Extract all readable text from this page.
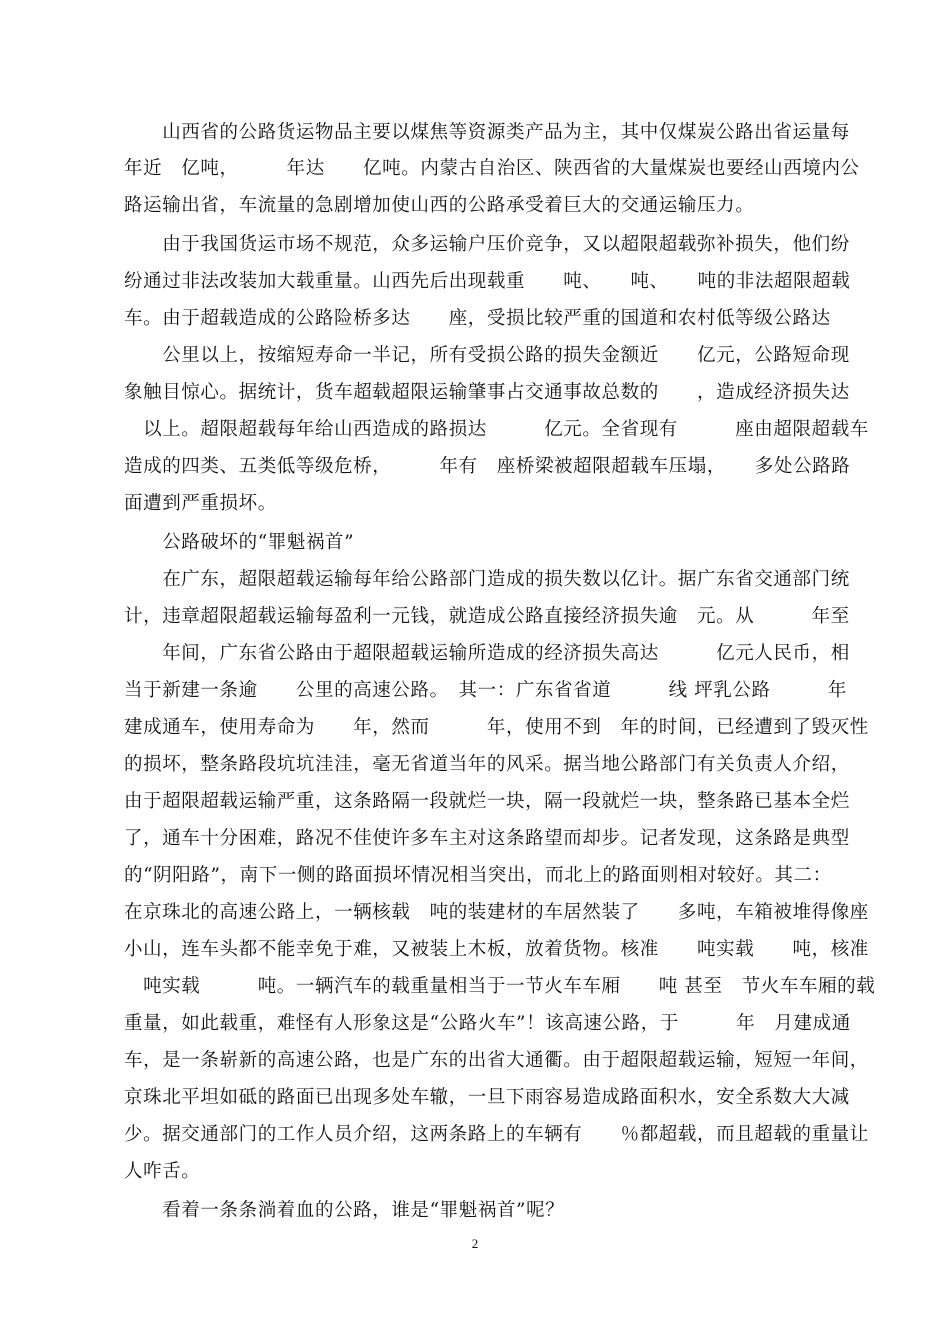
　　山西省的公路货运物品主要以煤焦等资源类产品为主，其中仅煤炭公路出省运量每
年近　亿吨，　　　年达　　亿吨。内蒙古自治区、陕西省的大量煤炭也要经山西境内公
路运输出省，车流量的急剧增加使山西的公路承受着巨大的交通运输压力。
　　由于我国货运市场不规范，众多运输户压价竞争，又以超限超载弥补损失，他们纷
纷通过非法改装加大载重量。山西先后出现载重　　吨、　　吨、　　吨的非法超限超载
车。由于超载造成的公路险桥多达　　座，受损比较严重的国道和农村低等级公路达
　　公里以上，按缩短寿命一半记，所有受损公路的损失金额近　　亿元，公路短命现
象触目惊心。据统计，货车超载超限运输肇事占交通事故总数的　　，造成经济损失达
　以上。超限超载每年给山西造成的路损达　　　亿元。全省现有　　　座由超限超载车
造成的四类、五类低等级危桥，　　　年有　座桥梁被超限超载车压塌，　　多处公路路
面遭到严重损坏。
　　公路破坏的“罪魁祸首”
　　在广东，超限超载运输每年给公路部门造成的损失数以亿计。据广东省交通部门统
计，违章超限超载运输每盈利一元钱，就造成公路直接经济损失逾　元。从　　　年至
　　年间，广东省公路由于超限超载运输所造成的经济损失高达　　　亿元人民币，相
当于新建一条逾　　公里的高速公路。　其一：广东省省道　　　线 坪乳公路　　　年
建成通车，使用寿命为　　年，然而　　　年，使用不到　年的时间，已经遭到了毁灭性
的损坏，整条路段坑坑洼洼，毫无省道当年的风采。据当地公路部门有关负责人介绍，
由于超限超载运输严重，这条路隔一段就烂一块，隔一段就烂一块，整条路已基本全烂
了，通车十分困难，路况不佳使许多车主对这条路望而却步。记者发现，这条路是典型
的“阴阳路”，南下一侧的路面损坏情况相当突出，而北上的路面则相对较好。其二：
在京珠北的高速公路上，一辆核载　吨的装建材的车居然装了　　多吨，车箱被堆得像座
小山，连车头都不能幸免于难，又被装上木板，放着货物。核准　　吨实载　　吨，核准
　吨实载　　　吨。一辆汽车的载重量相当于一节火车车厢　　吨 甚至　节火车车厢的载
重量，如此载重，难怪有人形象这是“公路火车”！该高速公路，于　　　年　月建成通
车，是一条崭新的高速公路，也是广东的出省大通衢。由于超限超载运输，短短一年间，
京珠北平坦如砥的路面已出现多处车辙，一旦下雨容易造成路面积水，安全系数大大减
少。据交通部门的工作人员介绍，这两条路上的车辆有　　％都超载，而且超载的重量让
人咋舌。
　　看着一条条淌着血的公路，谁是“罪魁祸首”呢？
2
